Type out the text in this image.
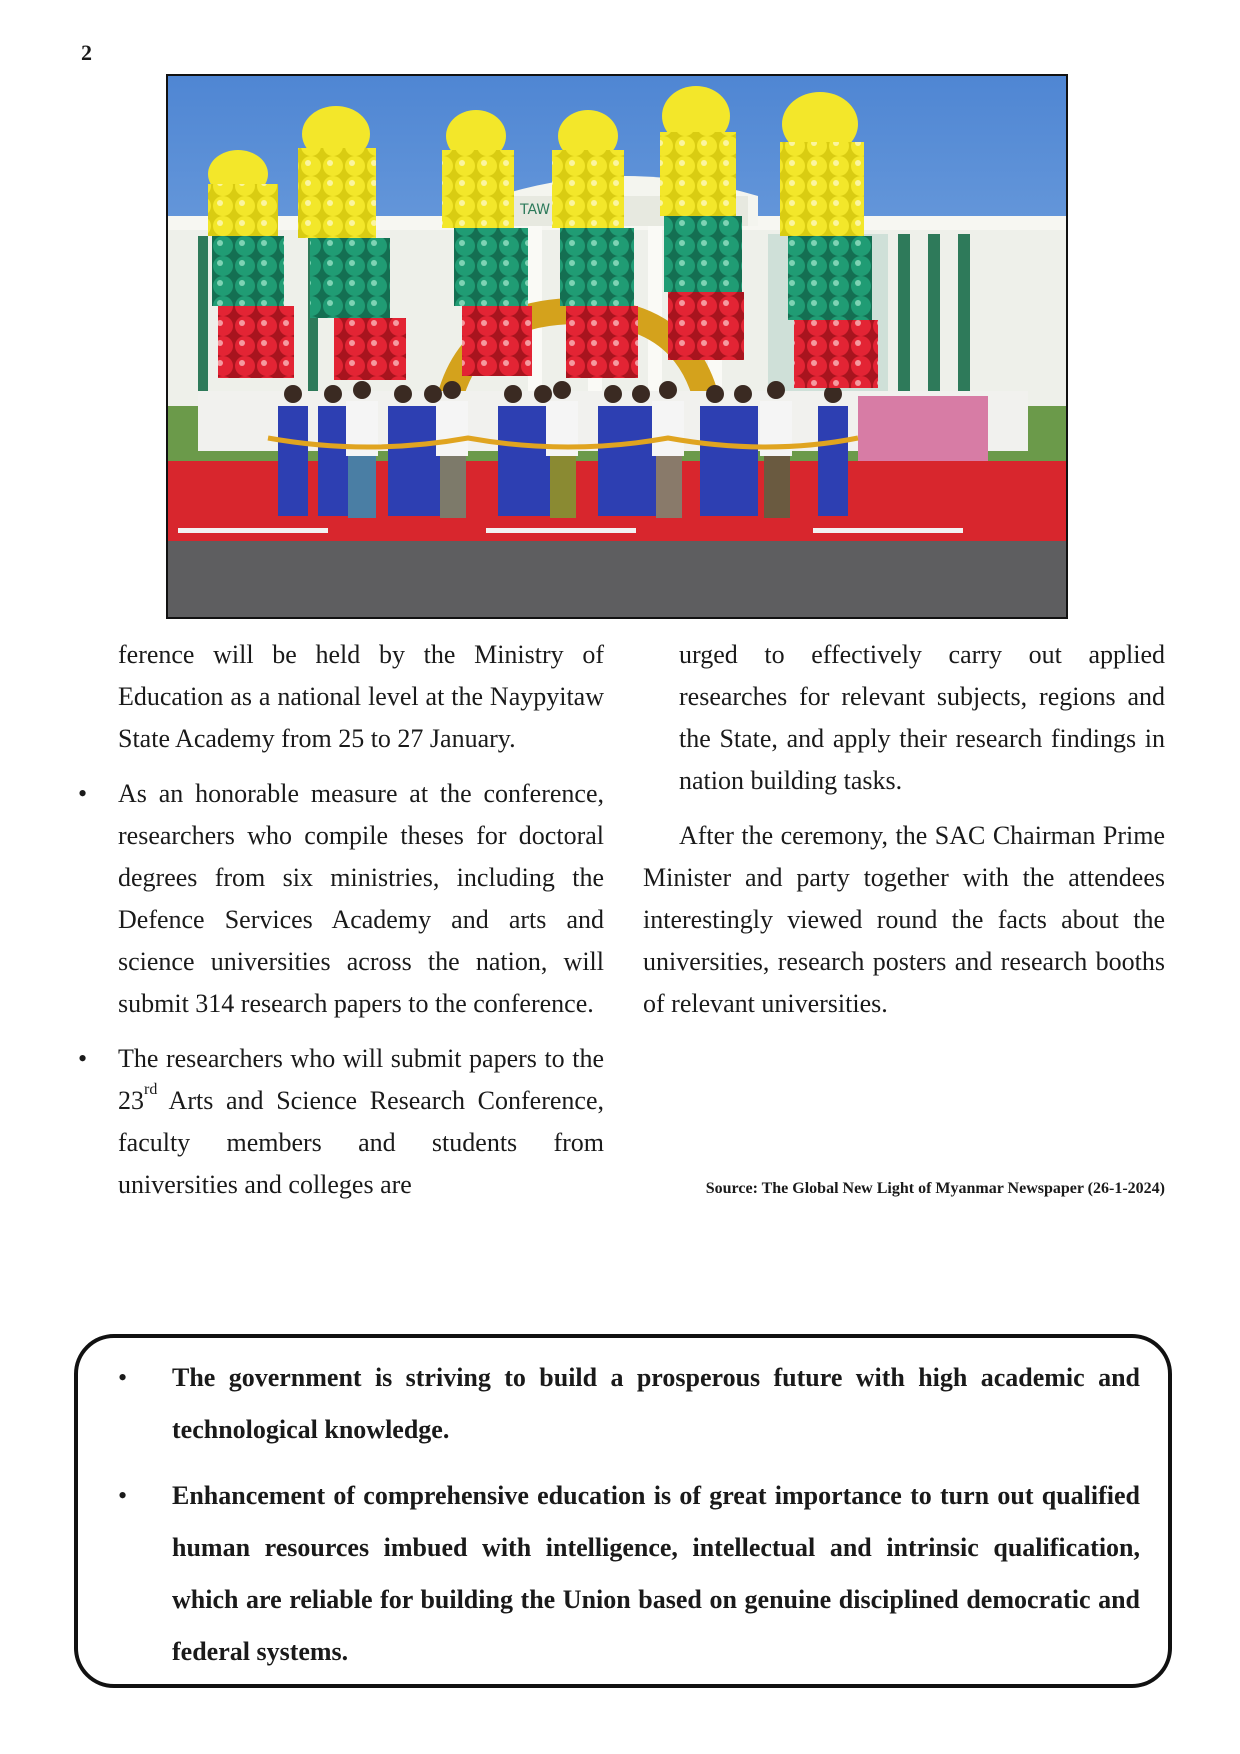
2
TAW

ference will be held by the Ministry of Education as a national level at the Naypyitaw State Academy from 25 to 27 January.

• As an honorable measure at the conference, researchers who compile theses for doctoral degrees from six ministries, including the Defence Services Academy and arts and science universities across the nation, will submit 314 research papers to the conference.

• The researchers who will submit papers to the 23rd Arts and Science Research Conference, faculty members and students from universities and colleges are

urged to effectively carry out applied researches for relevant subjects, regions and the State, and apply their research findings in nation building tasks.

After the ceremony, the SAC Chairman Prime Minister and party together with the attendees interestingly viewed round the facts about the universities, research posters and research booths of relevant universities.

Source: The Global New Light of Myanmar Newspaper (26-1-2024)
• The government is striving to build a prosperous future with high academic and technological knowledge.
• Enhancement of comprehensive education is of great importance to turn out qualified human resources imbued with intelligence, intellectual and intrinsic qualification, which are reliable for building the Union based on genuine disciplined democratic and federal systems.
